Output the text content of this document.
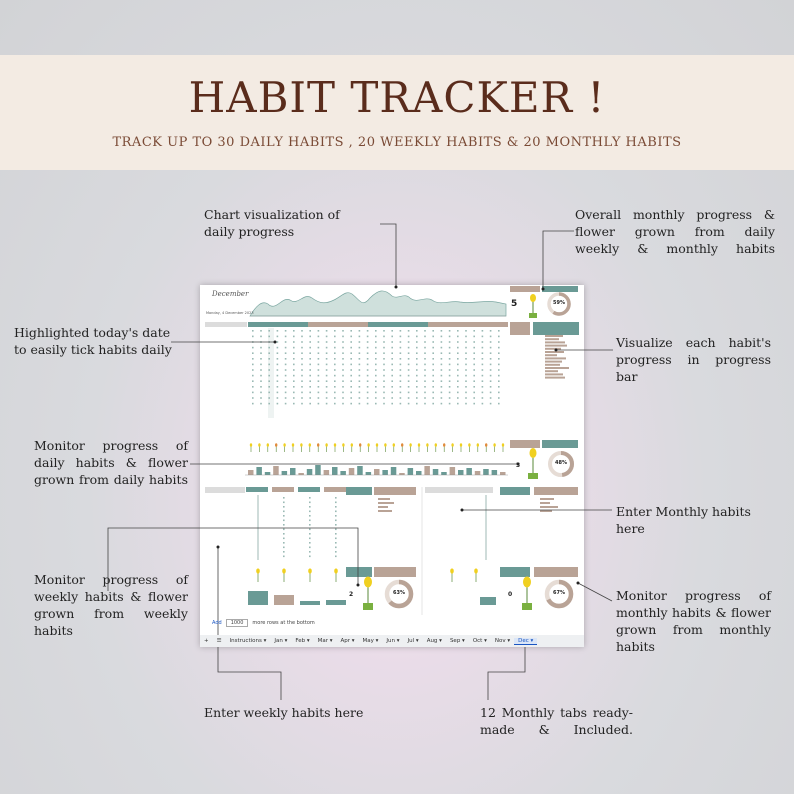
HABIT TRACKER !
TRACK UP TO 30 DAILY HABITS , 20 WEEKLY HABITS & 20 MONTHLY HABITS
Chart visualization of daily progress
Overall monthly progress & flower grown from daily weekly & monthly habits
Highlighted today's date to easily tick habits daily	Visualize each habit's progress in progress bar
Monitor progress of daily habits & flower grown from daily habits
Enter Monthly habits here
Monitor progress of weekly habits & flower grown from weekly habits
Monitor progress of monthly habits & flower grown from monthly habits
Enter weekly habits here	12 Monthly tabs ready-made & Included.
December
Monday, 4 December 2023
5	59%
3	48%
2	63%	0	67%
Add	1000	more rows at the bottom
+	☰	Instructions ▾	Jan ▾	Feb ▾	Mar ▾	Apr ▾	May ▾	Jun ▾	Jul ▾	Aug ▾	Sep ▾	Oct ▾	Nov ▾	Dec ▾
